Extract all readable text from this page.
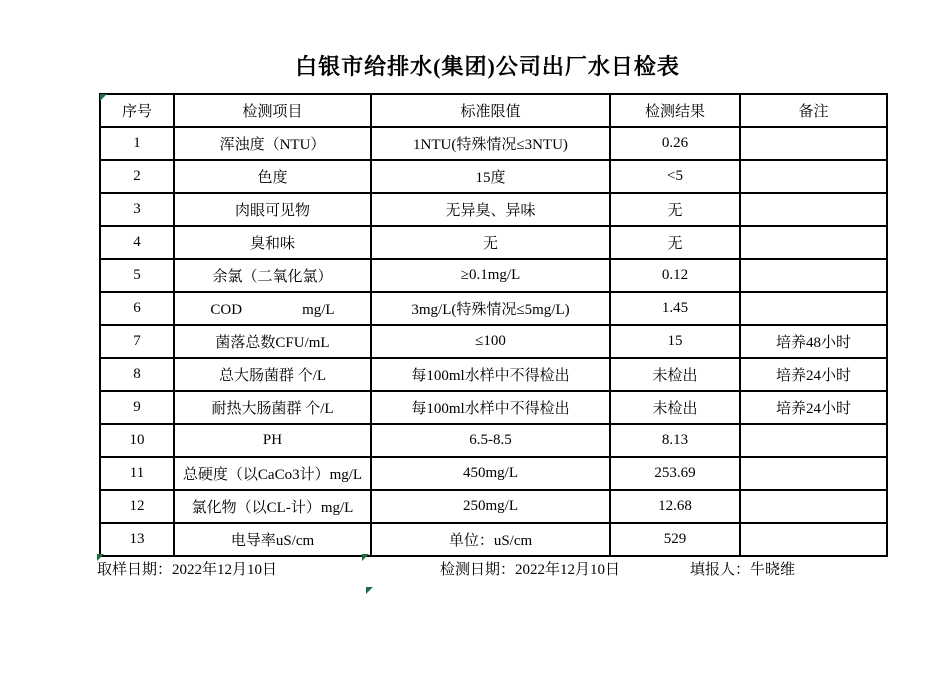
白银市给排水(集团)公司出厂水日检表
序号	检测项目	标准限值	检测结果	备注
1	浑浊度（NTU）	1NTU(特殊情况≤3NTU)	0.26	
2	色度	15度	<5	
3	肉眼可见物	无异臭、异味	无	
4	臭和味	无	无	
5	余氯（二氧化氯）	≥0.1mg/L	0.12	
6	COD　　　　mg/L	3mg/L(特殊情况≤5mg/L)	1.45	
7	菌落总数CFU/mL	≤100	15	培养48小时
8	总大肠菌群 个/L	每100ml水样中不得检出	未检出	培养24小时
9	耐热大肠菌群 个/L	每100ml水样中不得检出	未检出	培养24小时
10	PH	6.5-8.5	8.13	
11	总硬度（以CaCo3计）mg/L	450mg/L	253.69	
12	氯化物（以CL-计）mg/L	250mg/L	12.68	
13	电导率uS/cm	单位：uS/cm	529	
取样日期：2022年12月10日	检测日期：2022年12月10日	填报人：牛晓维
